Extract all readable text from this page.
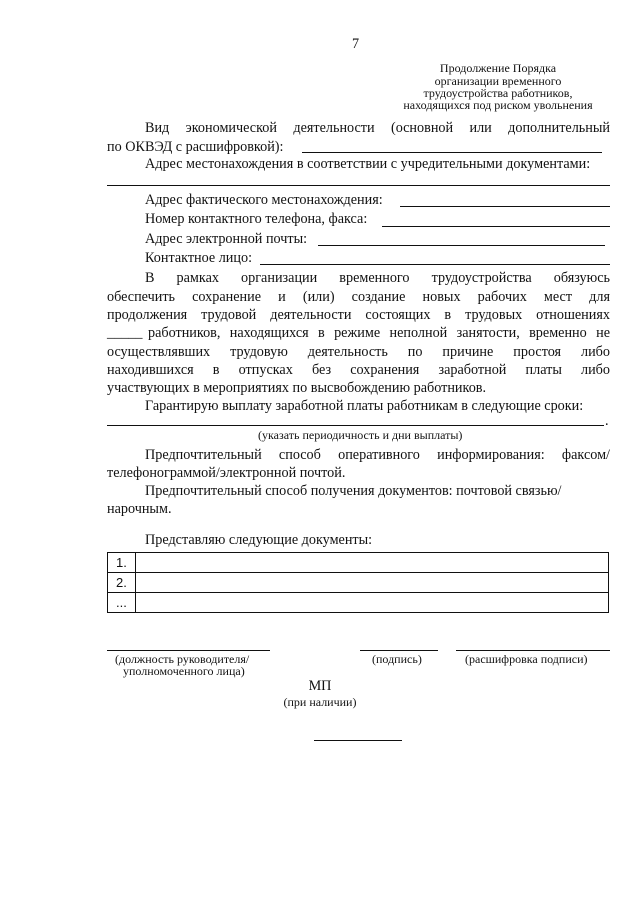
7
Продолжение Порядка
организации временного
трудоустройства работников,
находящихся под риском увольнения
Вид экономической деятельности (основной или дополнительный
по ОКВЭД с расшифровкой):
Адрес местонахождения в соответствии с учредительными документами:
Адрес фактического местонахождения:
Номер контактного телефона, факса:
Адрес электронной почты:
Контактное лицо:
В рамках организации временного трудоустройства обязуюсь
обеспечить сохранение и (или) создание новых рабочих мест для
продолжения трудовой деятельности состоящих в трудовых отношениях
_____ работников, находящихся в режиме неполной занятости, временно не
осуществлявших трудовую деятельность по причине простоя либо
находившихся в отпусках без сохранения заработной платы либо
участвующих в мероприятиях по высвобождению работников.
Гарантирую выплату заработной платы работникам в следующие сроки:
.
(указать периодичность и дни выплаты)
Предпочтительный способ оперативного информирования: факсом/
телефонограммой/электронной почтой.
Предпочтительный способ получения документов: почтовой связью/
нарочным.
Представляю следующие документы:
1.	
2.	
...	
(должность руководителя/
уполномоченного лица)
(подпись)	(расшифровка подписи)
МП
(при наличии)
